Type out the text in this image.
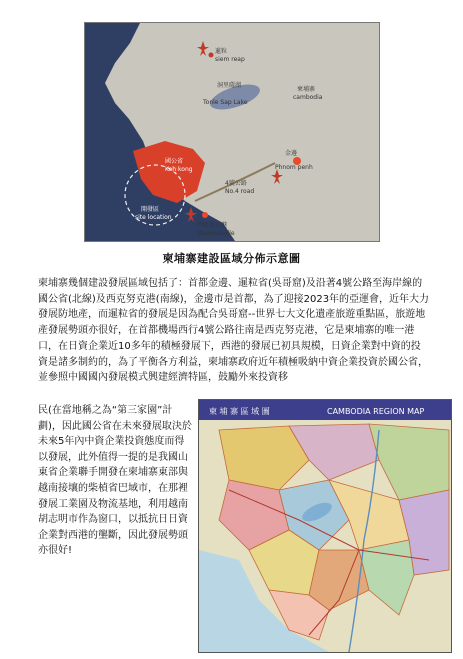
暹粒
siem reap
洞里薩湖
Tonle Sap Lake
柬埔寨
cambodia
國公省
Koh kong
金邊
Phnom penh
4號公路
No.4 road
開發區
site location
西哈努克港
shanoukville
柬埔寨建設區域分佈示意圖

柬埔寨幾個建設發展區域包括了：首都金邊、暹粒省(吳哥窟)及沿著4號公路至海岸線的國公省(北線)及西克努克港(南線)，金邊市是首都，為了迎接2023年的亞運會，近年大力發展防地產，而暹粒省的發展是因為配合吳哥窟--世界七大文化遺產旅遊重點區，旅遊地產發展勢頭亦很好，在首都機場西行4號公路往南是西克努克港，它是柬埔寨的唯一港口，在日資企業近10多年的積極發展下，西港的發展已初具規模，日資企業對中資的投資是諸多制約的，為了平衡各方利益，柬埔寨政府近年積極吸納中資企業投資於國公省，並參照中國國內發展模式興建經濟特區，鼓勵外來投資移

民(在當地稱之為“第三家園”計劃)，因此國公省在未來發展取決於未來5年內中資企業投資態度而得以發展，此外值得一提的是我國山東省企業聯手開發在柬埔寨東部與越南接壤的柴楨省巴域市，在那裡發展工業園及物流基地，利用越南胡志明市作為窗口，以抵抗日日資企業對西港的壟斷，因此發展勢頭亦很好!

柬 埔 寨 區 域 圖	CAMBODIA REGION MAP
